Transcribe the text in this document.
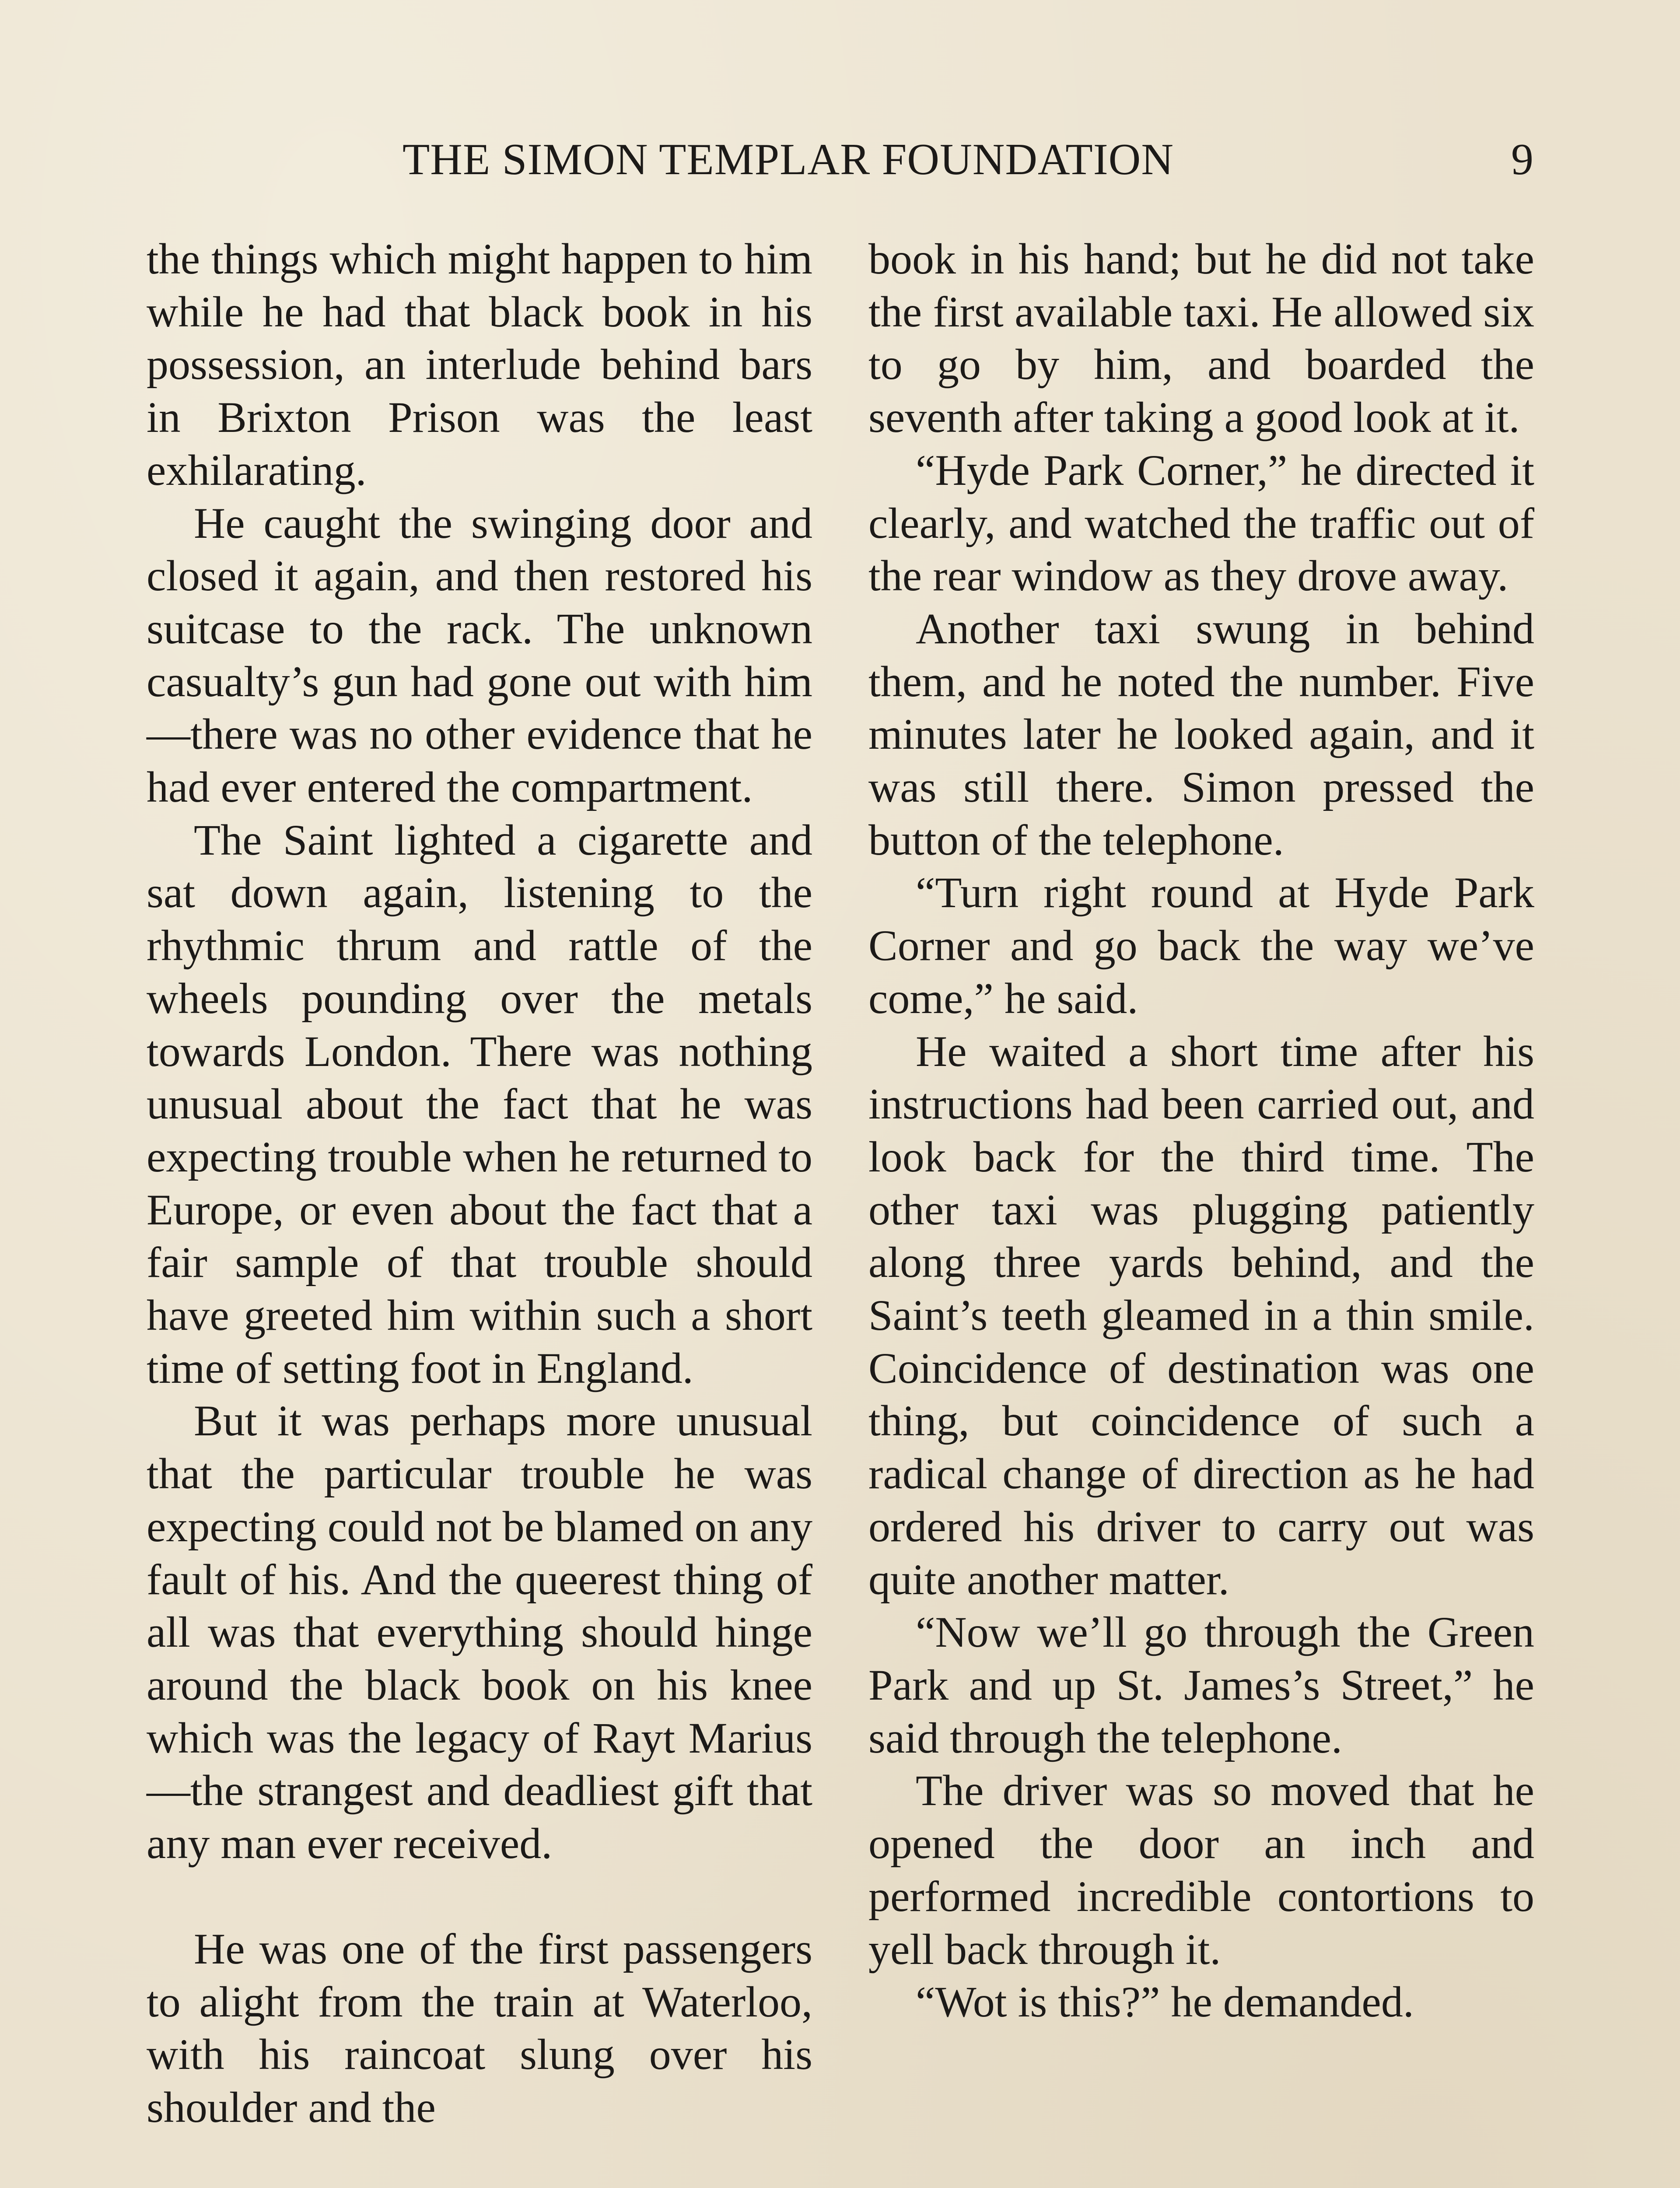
THE SIMON TEMPLAR FOUNDATION	9

the things which might happen to him while he had that black book in his possession, an interlude behind bars in Brixton Prison was the least exhilarating.

He caught the swinging door and closed it again, and then restored his suitcase to the rack. The unknown casualty’s gun had gone out with him—there was no other evidence that he had ever entered the compartment.

The Saint lighted a cigarette and sat down again, listening to the rhythmic thrum and rattle of the wheels pounding over the metals towards London. There was nothing unusual about the fact that he was expecting trouble when he returned to Europe, or even about the fact that a fair sample of that trouble should have greeted him within such a short time of setting foot in England.

But it was perhaps more unusual that the particular trouble he was expecting could not be blamed on any fault of his. And the queerest thing of all was that everything should hinge around the black book on his knee which was the legacy of Rayt Marius —the strangest and deadliest gift that any man ever received.

He was one of the first passengers to alight from the train at Waterloo, with his raincoat slung over his shoulder and the

book in his hand; but he did not take the first available taxi. He allowed six to go by him, and boarded the seventh after taking a good look at it.

“Hyde Park Corner,” he directed it clearly, and watched the traffic out of the rear window as they drove away.

Another taxi swung in behind them, and he noted the number. Five minutes later he looked again, and it was still there. Simon pressed the button of the telephone.

“Turn right round at Hyde Park Corner and go back the way we’ve come,” he said.

He waited a short time after his instructions had been carried out, and look back for the third time. The other taxi was plugging patiently along three yards behind, and the Saint’s teeth gleamed in a thin smile. Coincidence of destination was one thing, but coincidence of such a radical change of direction as he had ordered his driver to carry out was quite another matter.

“Now we’ll go through the Green Park and up St. James’s Street,” he said through the telephone.

The driver was so moved that he opened the door an inch and performed incredible contortions to yell back through it.

“Wot is this?” he demanded.
